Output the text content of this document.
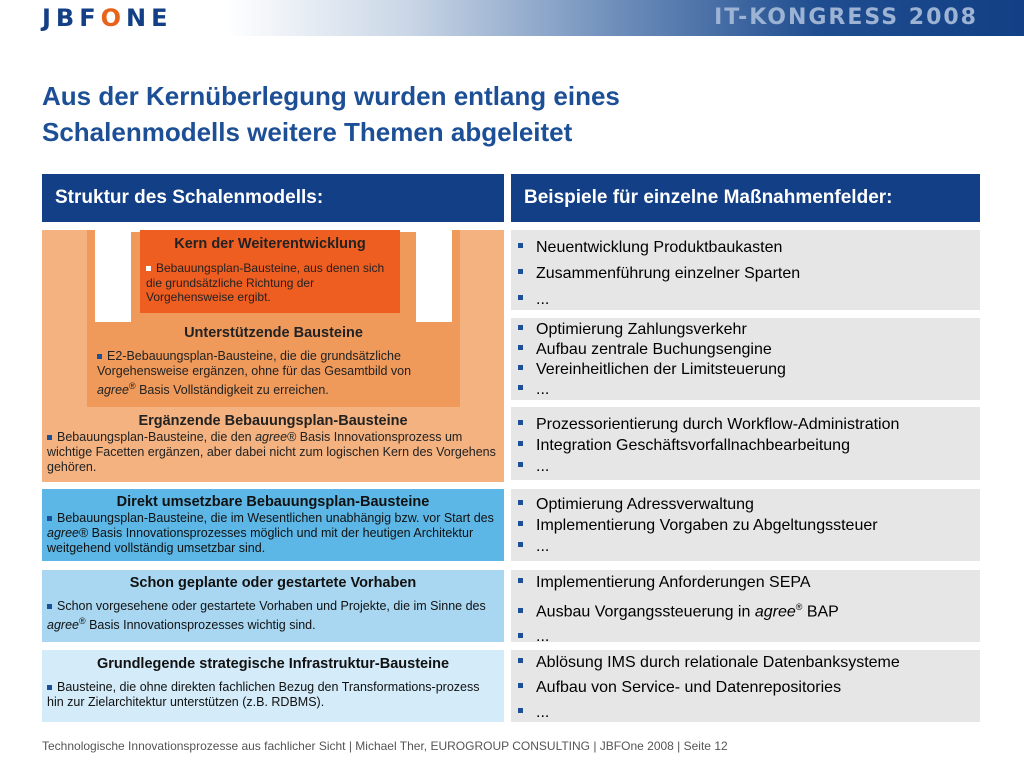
JBFONE	IT-KONGRESS 2008
Aus der Kernüberlegung wurden entlang eines
Schalenmodells weitere Themen abgeleitet
Struktur des Schalenmodells:	Beispiele für einzelne Maßnahmenfelder:
Kern der Weiterentwicklung
Bebauungsplan-Bausteine, aus denen sich die grundsätzliche Richtung der Vorgehensweise ergibt.
Unterstützende Bausteine
E2-Bebauungsplan-Bausteine, die die grundsätzliche Vorgehensweise ergänzen, ohne für das Gesamtbild von agree® Basis Vollständigkeit zu erreichen.
Ergänzende Bebauungsplan-Bausteine
Bebauungsplan-Bausteine, die den agree® Basis Innovationsprozess um wichtige Facetten ergänzen, aber dabei nicht zum logischen Kern des Vorgehens gehören.
Direkt umsetzbare Bebauungsplan-Bausteine
Bebauungsplan-Bausteine, die im Wesentlichen unabhängig bzw. vor Start des agree® Basis Innovationsprozesses möglich und mit der heutigen Architektur weitgehend vollständig umsetzbar sind.
Schon geplante oder gestartete Vorhaben
Schon vorgesehene oder gestartete Vorhaben und Projekte, die im Sinne des agree® Basis Innovationsprozesses wichtig sind.
Grundlegende strategische Infrastruktur-Bausteine
Bausteine, die ohne direkten fachlichen Bezug den Transformations-prozess hin zur Zielarchitektur unterstützen (z.B. RDBMS).
Neuentwicklung Produktbaukasten
Zusammenführung einzelner Sparten
...
Optimierung Zahlungsverkehr
Aufbau zentrale Buchungsengine
Vereinheitlichen der Limitsteuerung
...
Prozessorientierung durch Workflow-Administration
Integration Geschäftsvorfallnachbearbeitung
...
Optimierung Adressverwaltung
Implementierung Vorgaben zu Abgeltungssteuer
...
Implementierung Anforderungen SEPA
Ausbau Vorgangssteuerung in agree® BAP
...
Ablösung IMS durch relationale Datenbanksysteme
Aufbau von Service- und Datenrepositories
...
Technologische Innovationsprozesse aus fachlicher Sicht | Michael Ther, EUROGROUP CONSULTING | JBFOne 2008 | Seite 12
